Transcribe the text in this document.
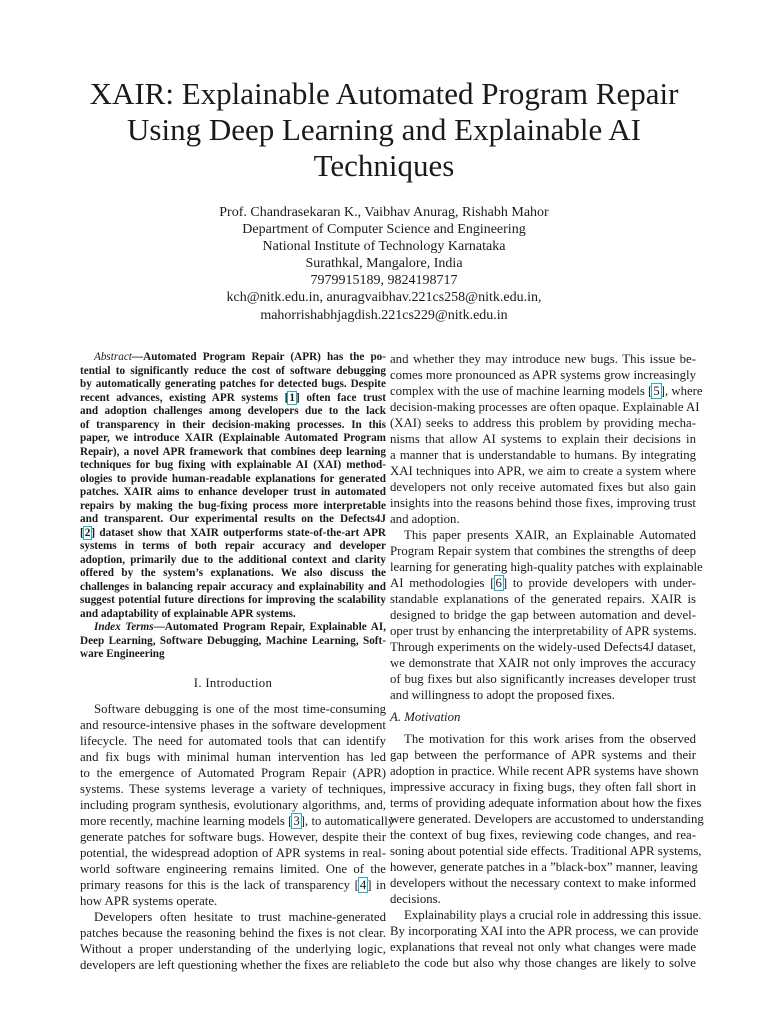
XAIR: Explainable Automated Program Repair
Using Deep Learning and Explainable AI
Techniques
Prof. Chandrasekaran K., Vaibhav Anurag, Rishabh Mahor
Department of Computer Science and Engineering
National Institute of Technology Karnataka
Surathkal, Mangalore, India
7979915189, 9824198717
kch@nitk.edu.in, anuragvaibhav.221cs258@nitk.edu.in,
mahorrishabhjagdish.221cs229@nitk.edu.in
Abstract—Automated Program Repair (APR) has the po-
tential to significantly reduce the cost of software debugging
by automatically generating patches for detected bugs. Despite
recent advances, existing APR systems [1] often face trust
and adoption challenges among developers due to the lack
of transparency in their decision-making processes. In this
paper, we introduce XAIR (Explainable Automated Program
Repair), a novel APR framework that combines deep learning
techniques for bug fixing with explainable AI (XAI) method-
ologies to provide human-readable explanations for generated
patches. XAIR aims to enhance developer trust in automated
repairs by making the bug-fixing process more interpretable
and transparent. Our experimental results on the Defects4J
[2] dataset show that XAIR outperforms state-of-the-art APR
systems in terms of both repair accuracy and developer
adoption, primarily due to the additional context and clarity
offered by the system’s explanations. We also discuss the
challenges in balancing repair accuracy and explainability and
suggest potential future directions for improving the scalability
and adaptability of explainable APR systems.
Index Terms—Automated Program Repair, Explainable AI,
Deep Learning, Software Debugging, Machine Learning, Soft-
ware Engineering
I. Introduction
Software debugging is one of the most time-consuming
and resource-intensive phases in the software development
lifecycle. The need for automated tools that can identify
and fix bugs with minimal human intervention has led
to the emergence of Automated Program Repair (APR)
systems. These systems leverage a variety of techniques,
including program synthesis, evolutionary algorithms, and,
more recently, machine learning models [3], to automatically
generate patches for software bugs. However, despite their
potential, the widespread adoption of APR systems in real-
world software engineering remains limited. One of the
primary reasons for this is the lack of transparency [4] in
how APR systems operate.
Developers often hesitate to trust machine-generated
patches because the reasoning behind the fixes is not clear.
Without a proper understanding of the underlying logic,
developers are left questioning whether the fixes are reliable
and whether they may introduce new bugs. This issue be-
comes more pronounced as APR systems grow increasingly
complex with the use of machine learning models [5], where
decision-making processes are often opaque. Explainable AI
(XAI) seeks to address this problem by providing mecha-
nisms that allow AI systems to explain their decisions in
a manner that is understandable to humans. By integrating
XAI techniques into APR, we aim to create a system where
developers not only receive automated fixes but also gain
insights into the reasons behind those fixes, improving trust
and adoption.
This paper presents XAIR, an Explainable Automated
Program Repair system that combines the strengths of deep
learning for generating high-quality patches with explainable
AI methodologies [6] to provide developers with under-
standable explanations of the generated repairs. XAIR is
designed to bridge the gap between automation and devel-
oper trust by enhancing the interpretability of APR systems.
Through experiments on the widely-used Defects4J dataset,
we demonstrate that XAIR not only improves the accuracy
of bug fixes but also significantly increases developer trust
and willingness to adopt the proposed fixes.
A. Motivation
The motivation for this work arises from the observed
gap between the performance of APR systems and their
adoption in practice. While recent APR systems have shown
impressive accuracy in fixing bugs, they often fall short in
terms of providing adequate information about how the fixes
were generated. Developers are accustomed to understanding
the context of bug fixes, reviewing code changes, and rea-
soning about potential side effects. Traditional APR systems,
however, generate patches in a ”black-box” manner, leaving
developers without the necessary context to make informed
decisions.
Explainability plays a crucial role in addressing this issue.
By incorporating XAI into the APR process, we can provide
explanations that reveal not only what changes were made
to the code but also why those changes are likely to solve
